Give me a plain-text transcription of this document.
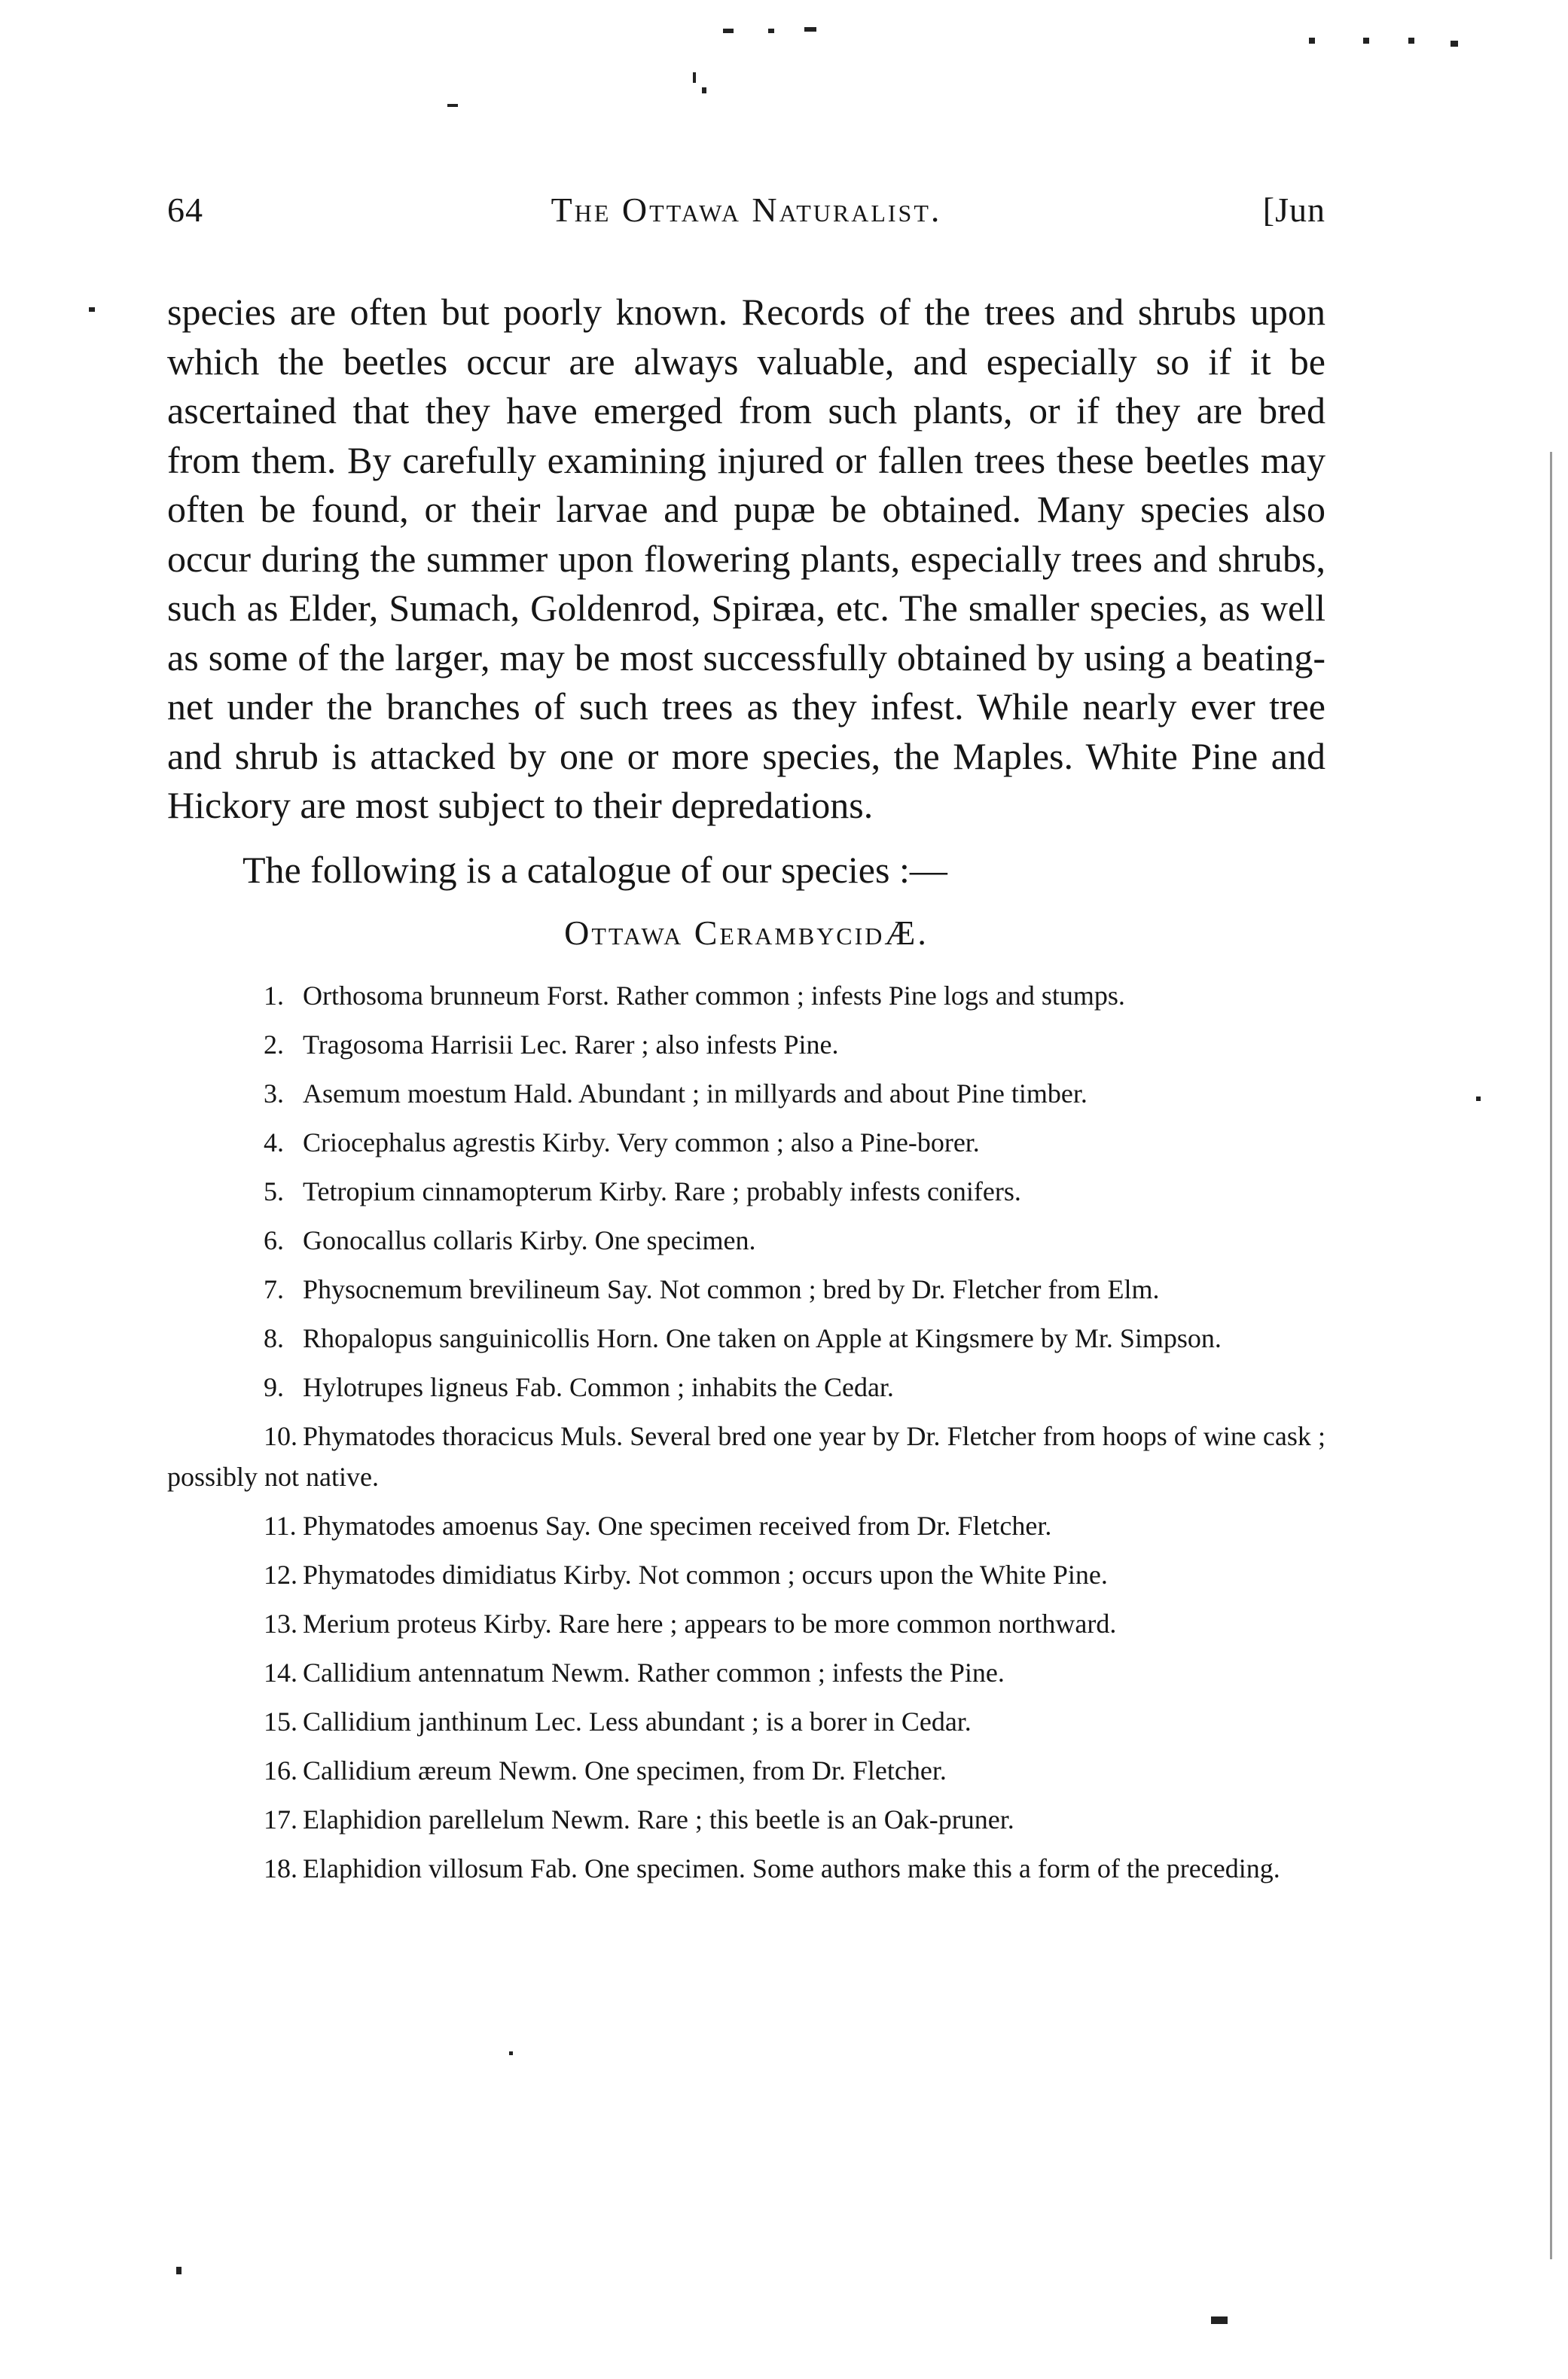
64	The Ottawa Naturalist.	[Jun

species are often but poorly known. Records of the trees and shrubs upon which the beetles occur are always valuable, and especially so if it be ascertained that they have emerged from such plants, or if they are bred from them. By carefully examining injured or fallen trees these beetles may often be found, or their larvae and pupæ be obtained. Many species also occur during the summer upon flowering plants, especially trees and shrubs, such as Elder, Sumach, Goldenrod, Spiræa, etc. The smaller species, as well as some of the larger, may be most successfully obtained by using a beating-net under the branches of such trees as they infest. While nearly ever tree and shrub is attacked by one or more species, the Maples. White Pine and Hickory are most subject to their depredations.

The following is a catalogue of our species :—
Ottawa CerambycidÆ.

1. Orthosoma brunneum Forst. Rather common ; infests Pine logs and stumps.

2. Tragosoma Harrisii Lec. Rarer ; also infests Pine.

3. Asemum moestum Hald. Abundant ; in millyards and about Pine timber.

4. Criocephalus agrestis Kirby. Very common ; also a Pine-borer.

5. Tetropium cinnamopterum Kirby. Rare ; probably infests conifers.

6. Gonocallus collaris Kirby. One specimen.

7. Physocnemum brevilineum Say. Not common ; bred by Dr. Fletcher from Elm.

8. Rhopalopus sanguinicollis Horn. One taken on Apple at Kingsmere by Mr. Simpson.

9. Hylotrupes ligneus Fab. Common ; inhabits the Cedar.

10. Phymatodes thoracicus Muls. Several bred one year by Dr. Fletcher from hoops of wine cask ; possibly not native.

11. Phymatodes amoenus Say. One specimen received from Dr. Fletcher.

12. Phymatodes dimidiatus Kirby. Not common ; occurs upon the White Pine.

13. Merium proteus Kirby. Rare here ; appears to be more common northward.

14. Callidium antennatum Newm. Rather common ; infests the Pine.

15. Callidium janthinum Lec. Less abundant ; is a borer in Cedar.

16. Callidium æreum Newm. One specimen, from Dr. Fletcher.

17. Elaphidion parellelum Newm. Rare ; this beetle is an Oak-pruner.

18. Elaphidion villosum Fab. One specimen. Some authors make this a form of the preceding.
